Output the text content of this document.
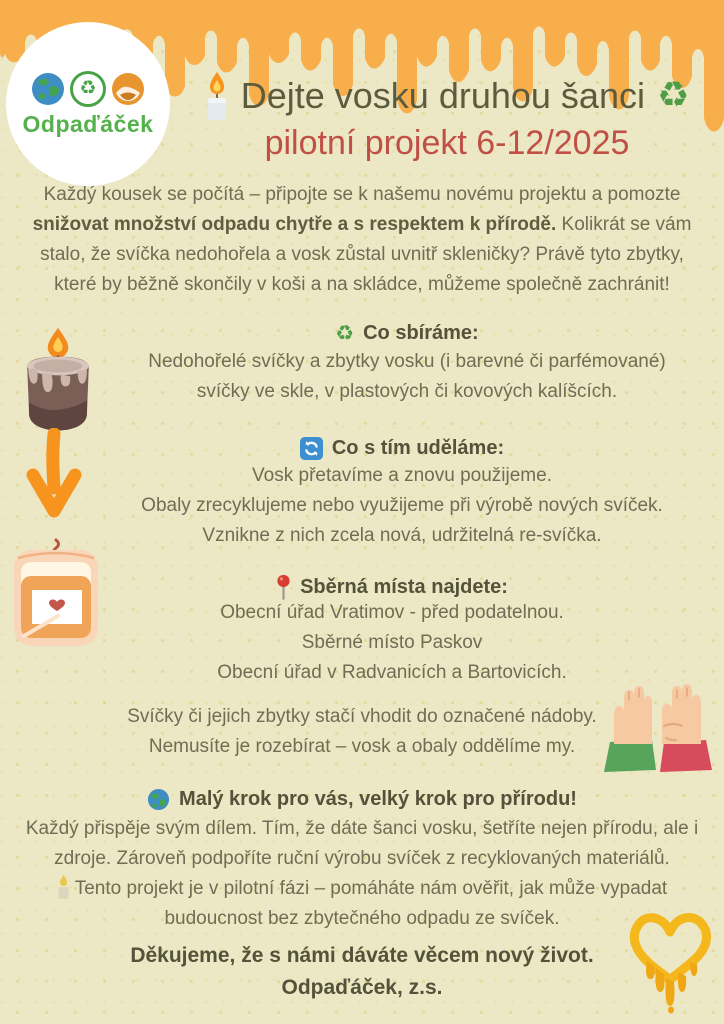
♻
Odpaďáček
Dejte vosku druhou šanci ♻
pilotní projekt 6-12/2025

Každý kousek se počítá – připojte se k našemu novému projektu a pomozte snižovat množství odpadu chytře a s respektem k přírodě. Kolikrát se vám stalo, že svíčka nedohořela a vosk zůstal uvnitř skleničky? Právě tyto zbytky, které by běžně skončily v koši a na skládce, můžeme společně zachránit!

♻ Co sbíráme:
Nedohořelé svíčky a zbytky vosku (i barevné či parfémované)
svíčky ve skle, v plastových či kovových kalíšcích.
Co s tím uděláme:
Vosk přetavíme a znovu použijeme.
Obaly zrecyklujeme nebo využijeme při výrobě nových svíček.
Vznikne z nich zcela nová, udržitelná re-svíčka.
Sběrná místa najdete:
Obecní úřad Vratimov - před podatelnou.
Sběrné místo Paskov
Obecní úřad v Radvanicích a Bartovicích.
Svíčky či jejich zbytky stačí vhodit do označené nádoby.
Nemusíte je rozebírat – vosk a obaly oddělíme my.
Malý krok pro vás, velký krok pro přírodu!
Každý přispěje svým dílem. Tím, že dáte šanci vosku, šetříte nejen přírodu, ale i zdroje. Zároveň podpoříte ruční výrobu svíček z recyklovaných materiálů.
Tento projekt je v pilotní fázi – pomáháte nám ověřit, jak může vypadat budoucnost bez zbytečného odpadu ze svíček.
Děkujeme, že s námi dáváte věcem nový život.
Odpaďáček, z.s.
